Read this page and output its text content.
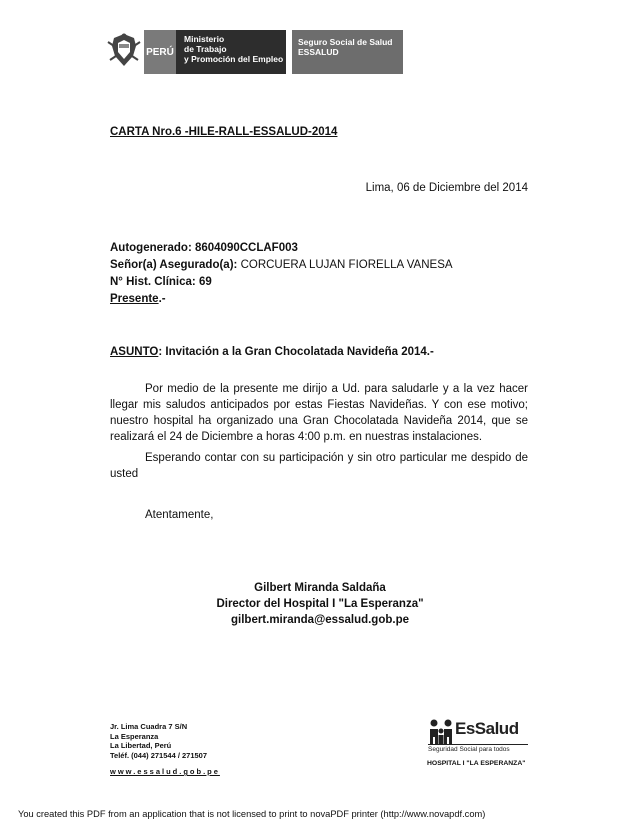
PERÚ
Ministerio
de Trabajo
y Promoción del Empleo
Seguro Social de Salud
ESSALUD
CARTA Nro.6 -HILE-RALL-ESSALUD-2014
Lima, 06 de Diciembre del 2014
Autogenerado: 8604090CCLAF003
Señor(a) Asegurado(a): CORCUERA LUJAN FIORELLA VANESA
N° Hist. Clínica: 69
Presente.-
ASUNTO: Invitación a la Gran Chocolatada Navideña 2014.-
Por medio de la presente me dirijo a Ud. para saludarle y a la vez hacer llegar mis saludos anticipados por estas Fiestas Navideñas. Y con ese motivo; nuestro hospital ha organizado una Gran Chocolatada Navideña 2014, que se realizará el 24 de Diciembre a horas 4:00 p.m. en nuestras instalaciones.
Esperando contar con su participación y sin otro particular me despido de usted
Atentamente,
Gilbert Miranda Saldaña
Director del Hospital I "La Esperanza"
gilbert.miranda@essalud.gob.pe
Jr. Lima Cuadra 7 S/N
La Esperanza
La Libertad, Perú
Teléf. (044) 271544 / 271507
www.essalud.gob.pe
EsSalud
Seguridad Social para todos
HOSPITAL I "LA ESPERANZA"
You created this PDF from an application that is not licensed to print to novaPDF printer (http://www.novapdf.com)
